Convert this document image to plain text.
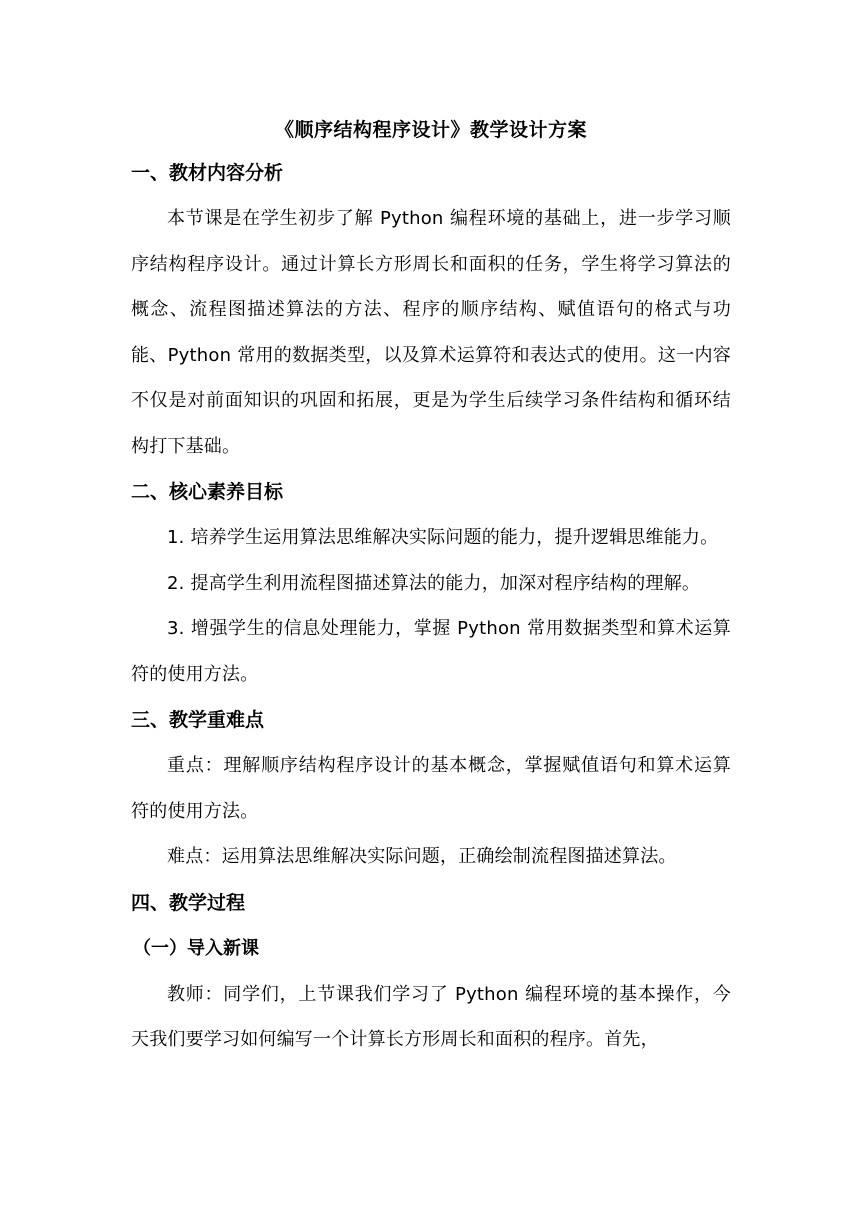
《顺序结构程序设计》教学设计方案

一、教材内容分析

本节课是在学生初步了解 Python 编程环境的基础上，进一步学习顺序结构程序设计。通过计算长方形周长和面积的任务，学生将学习算法的概念、流程图描述算法的方法、程序的顺序结构、赋值语句的格式与功能、Python 常用的数据类型，以及算术运算符和表达式的使用。这一内容不仅是对前面知识的巩固和拓展，更是为学生后续学习条件结构和循环结构打下基础。

二、核心素养目标

1. 培养学生运用算法思维解决实际问题的能力，提升逻辑思维能力。

2. 提高学生利用流程图描述算法的能力，加深对程序结构的理解。

3. 增强学生的信息处理能力，掌握 Python 常用数据类型和算术运算符的使用方法。

三、教学重难点

重点：理解顺序结构程序设计的基本概念，掌握赋值语句和算术运算符的使用方法。

难点：运用算法思维解决实际问题，正确绘制流程图描述算法。

四、教学过程

（一）导入新课

教师：同学们，上节课我们学习了 Python 编程环境的基本操作，今天我们要学习如何编写一个计算长方形周长和面积的程序。首先，
